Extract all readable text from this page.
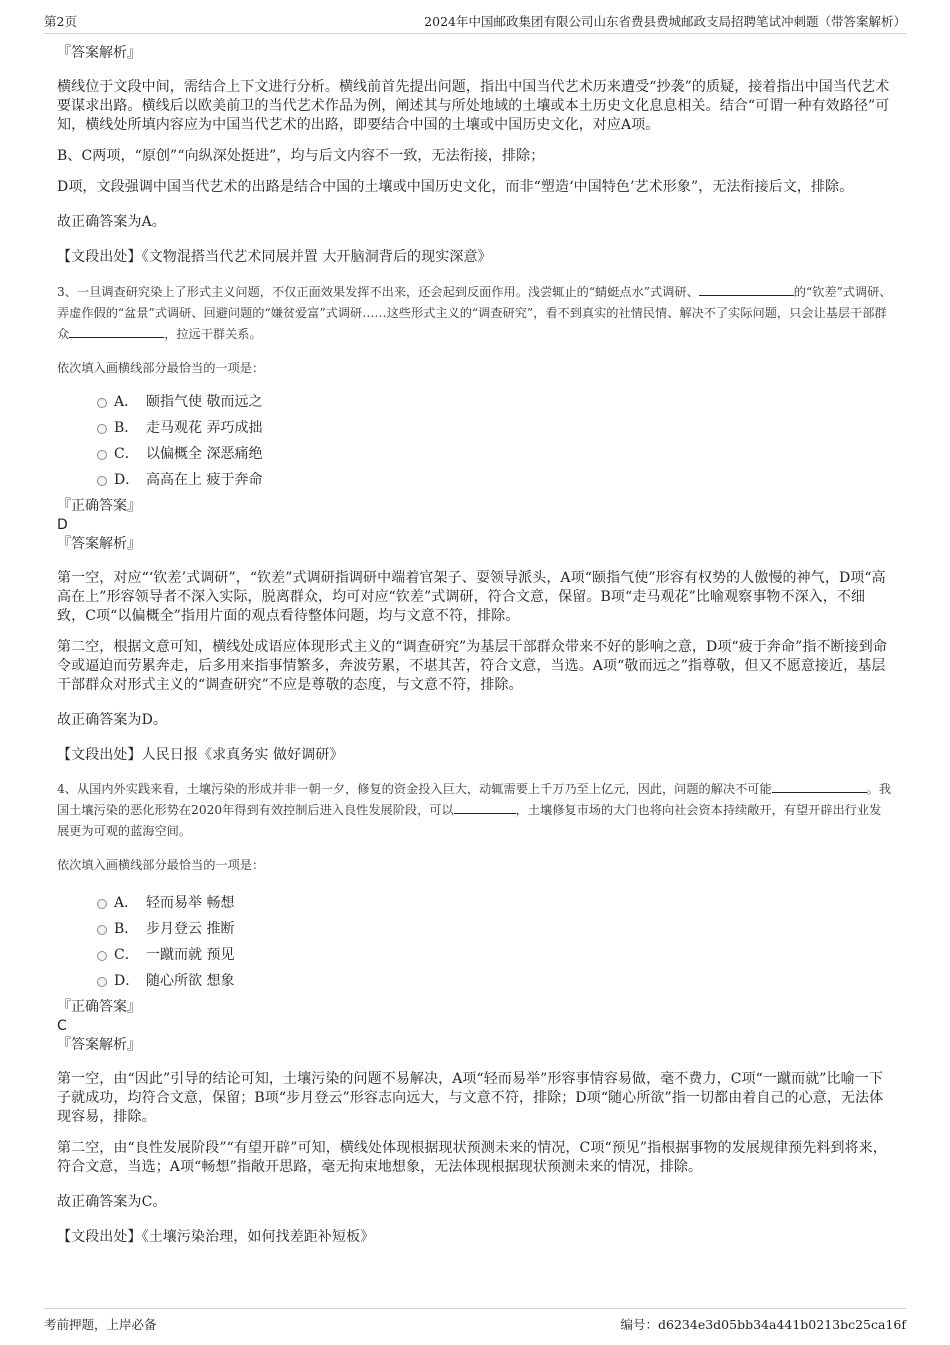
第2页	2024年中国邮政集团有限公司山东省费县费城邮政支局招聘笔试冲刺题（带答案解析）

『答案解析』

横线位于文段中间，需结合上下文进行分析。横线前首先提出问题，指出中国当代艺术历来遭受“抄袭”的质疑，接着指出中国当代艺术要谋求出路。横线后以欧美前卫的当代艺术作品为例，阐述其与所处地域的土壤或本土历史文化息息相关。结合“可谓一种有效路径”可知，横线处所填内容应为中国当代艺术的出路，即要结合中国的土壤或中国历史文化，对应A项。

B、C两项，“原创”“向纵深处挺进”，均与后文内容不一致，无法衔接，排除；

D项，文段强调中国当代艺术的出路是结合中国的土壤或中国历史文化，而非“塑造‘中国特色’艺术形象”，无法衔接后文，排除。

故正确答案为A。

【文段出处】《文物混搭当代艺术同展并置 大开脑洞背后的现实深意》

3、一旦调查研究染上了形式主义问题，不仅正面效果发挥不出来，还会起到反面作用。浅尝辄止的“蜻蜓点水”式调研、	的“钦差”式调研、弄虚作假的“盆景”式调研、回避问题的“嫌贫爱富”式调研……这些形式主义的“调查研究”，看不到真实的社情民情、解决不了实际问题，只会让基层干部群众	，拉远干群关系。

依次填入画横线部分最恰当的一项是：

A． 颐指气使 敬而远之
B． 走马观花 弄巧成拙
C． 以偏概全 深恶痛绝
D． 高高在上 疲于奔命

『正确答案』

D

『答案解析』

第一空，对应“‘钦差’式调研”，“钦差”式调研指调研中端着官架子、耍领导派头，A项“颐指气使”形容有权势的人傲慢的神气，D项“高高在上”形容领导者不深入实际，脱离群众，均可对应“钦差”式调研，符合文意，保留。B项“走马观花”比喻观察事物不深入，不细致，C项“以偏概全”指用片面的观点看待整体问题，均与文意不符，排除。

第二空，根据文意可知，横线处成语应体现形式主义的“调查研究”为基层干部群众带来不好的影响之意，D项“疲于奔命”指不断接到命令或逼迫而劳累奔走，后多用来指事情繁多，奔波劳累，不堪其苦，符合文意，当选。A项“敬而远之”指尊敬，但又不愿意接近，基层干部群众对形式主义的“调查研究”不应是尊敬的态度，与文意不符，排除。

故正确答案为D。

【文段出处】人民日报《求真务实 做好调研》

4、从国内外实践来看，土壤污染的形成并非一朝一夕，修复的资金投入巨大，动辄需要上千万乃至上亿元，因此，问题的解决不可能	。我国土壤污染的恶化形势在2020年得到有效控制后进入良性发展阶段，可以	，土壤修复市场的大门也将向社会资本持续敞开，有望开辟出行业发展更为可观的蓝海空间。

依次填入画横线部分最恰当的一项是：

A． 轻而易举 畅想
B． 步月登云 推断
C． 一蹴而就 预见
D． 随心所欲 想象

『正确答案』

C

『答案解析』

第一空，由“因此”引导的结论可知，土壤污染的问题不易解决，A项“轻而易举”形容事情容易做，毫不费力，C项“一蹴而就”比喻一下子就成功，均符合文意，保留；B项“步月登云”形容志向远大，与文意不符，排除；D项“随心所欲”指一切都由着自己的心意，无法体现容易，排除。

第二空，由“良性发展阶段”“有望开辟”可知，横线处体现根据现状预测未来的情况，C项“预见”指根据事物的发展规律预先料到将来，符合文意，当选；A项“畅想”指敞开思路，毫无拘束地想象，无法体现根据现状预测未来的情况，排除。

故正确答案为C。

【文段出处】《土壤污染治理，如何找差距补短板》

考前押题，上岸必备	编号：d6234e3d05bb34a441b0213bc25ca16f
